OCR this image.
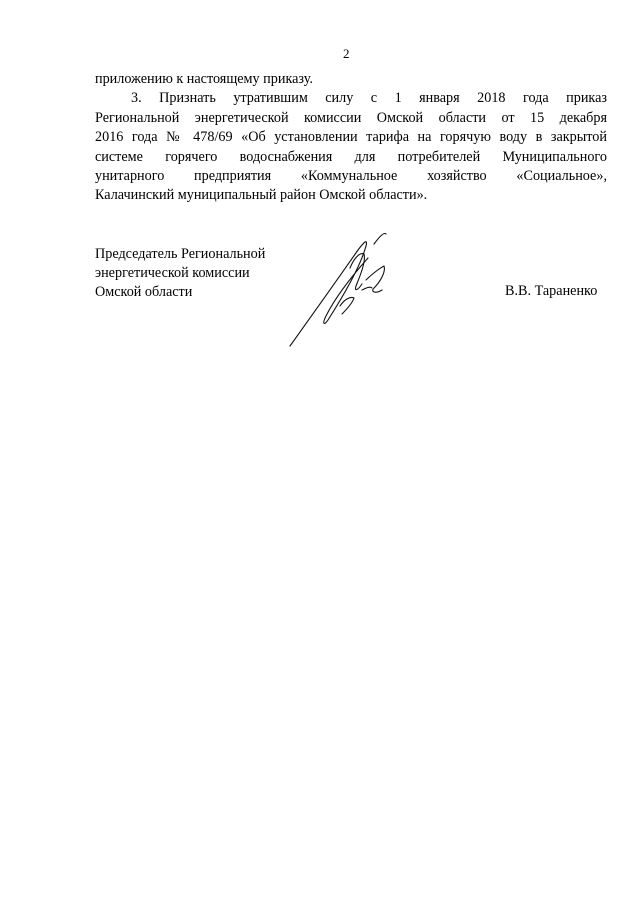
2

приложению к настоящему приказу.

3. Признать утратившим силу с 1 января 2018 года приказ

Региональной энергетической комиссии Омской области от 15 декабря

2016 года № 478/69 «Об установлении тарифа на горячую воду в закрытой

системе горячего водоснабжения для потребителей Муниципального

унитарного предприятия «Коммунальное хозяйство «Социальное»,

Калачинский муниципальный район Омской области».

Председатель Региональной
энергетической комиссии
Омской области	В.В. Тараненко
